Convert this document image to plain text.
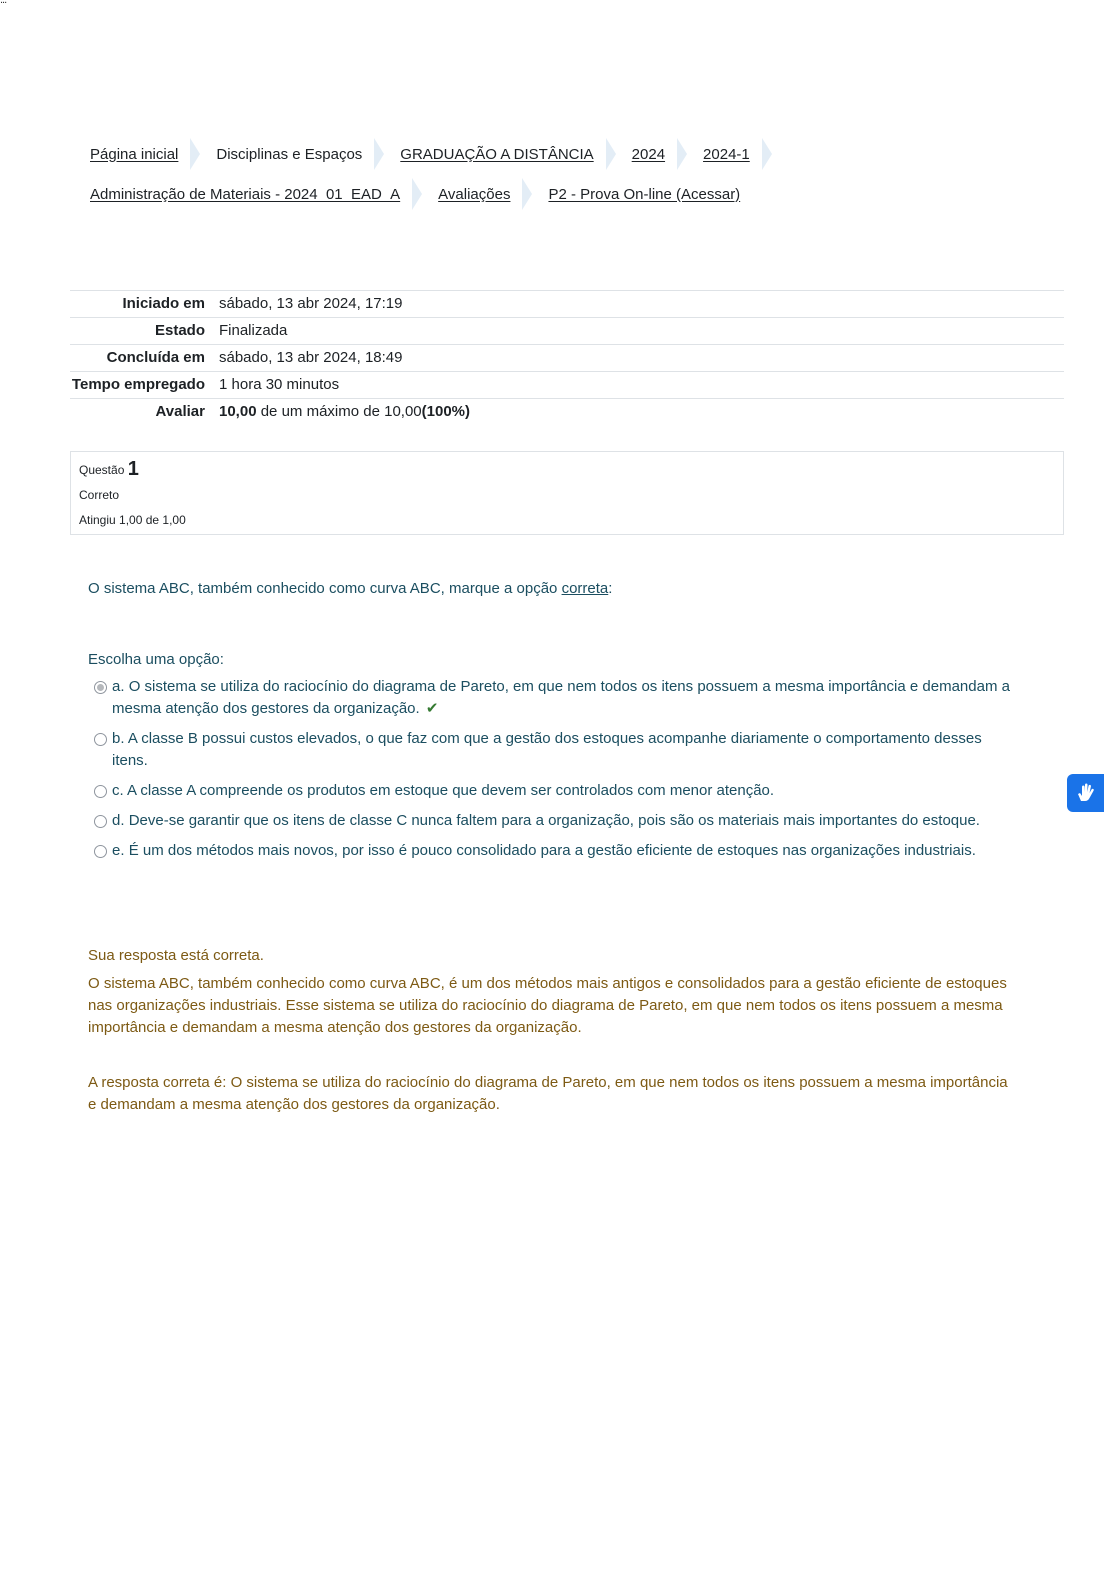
...
Página inicial	Disciplinas e Espaços	GRADUAÇÃO A DISTÂNCIA	2024	2024-1
Administração de Materiais - 2024_01_EAD_A	Avaliações	P2 - Prova On-line (Acessar)
Iniciado em	sábado, 13 abr 2024, 17:19
Estado	Finalizada
Concluída em	sábado, 13 abr 2024, 18:49
Tempo empregado	1 hora 30 minutos
Avaliar	10,00 de um máximo de 10,00(100%)
Questão 1
Correto
Atingiu 1,00 de 1,00
O sistema ABC, também conhecido como curva ABC, marque a opção correta:
Escolha uma opção:
a. O sistema se utiliza do raciocínio do diagrama de Pareto, em que nem todos os itens possuem a mesma importância e demandam a mesma atenção dos gestores da organização. ✔
b. A classe B possui custos elevados, o que faz com que a gestão dos estoques acompanhe diariamente o comportamento desses itens.
c. A classe A compreende os produtos em estoque que devem ser controlados com menor atenção.
d. Deve-se garantir que os itens de classe C nunca faltem para a organização, pois são os materiais mais importantes do estoque.
e. É um dos métodos mais novos, por isso é pouco consolidado para a gestão eficiente de estoques nas organizações industriais.
Sua resposta está correta.
O sistema ABC, também conhecido como curva ABC, é um dos métodos mais antigos e consolidados para a gestão eficiente de estoques nas organizações industriais. Esse sistema se utiliza do raciocínio do diagrama de Pareto, em que nem todos os itens possuem a mesma importância e demandam a mesma atenção dos gestores da organização.
A resposta correta é: O sistema se utiliza do raciocínio do diagrama de Pareto, em que nem todos os itens possuem a mesma importância e demandam a mesma atenção dos gestores da organização.
